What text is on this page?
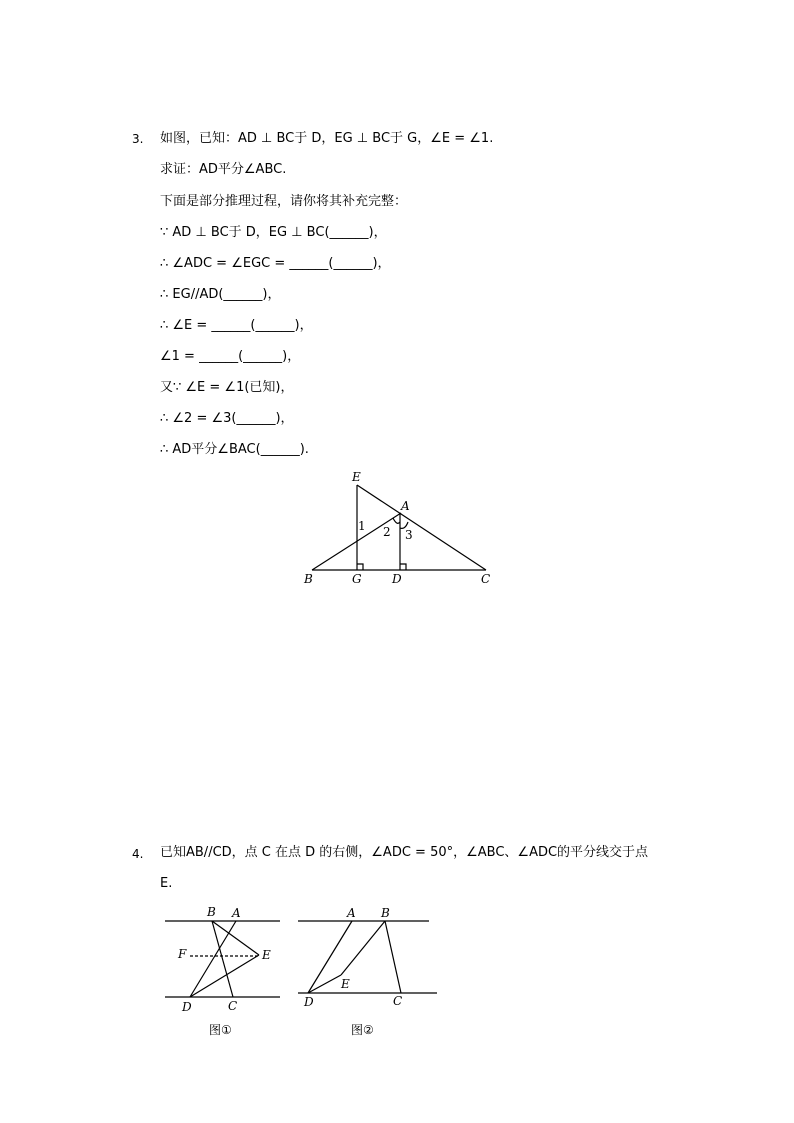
3. 如图，已知：AD ⊥ BC于 D，EG ⊥ BC于 G，∠E = ∠1.
求证：AD平分∠ABC.
下面是部分推理过程，请你将其补充完整：
∵ AD ⊥ BC于 D，EG ⊥ BC(______)，
∴ ∠ADC = ∠EGC = ______(______)，
∴ EG//AD(______)，
∴ ∠E = ______(______)，
∠1 = ______(______)，
又∵ ∠E = ∠1(已知)，
∴ ∠2 = ∠3(______)，
∴ AD平分∠BAC(______).
E
A
B	G	D	C
1 2 3
4. 已知AB//CD，点 C 在点 D 的右侧，∠ADC = 50°，∠ABC、∠ADC的平分线交于点
E.
B A
F	E
D	C
图①
A B
E
D	C
图②
